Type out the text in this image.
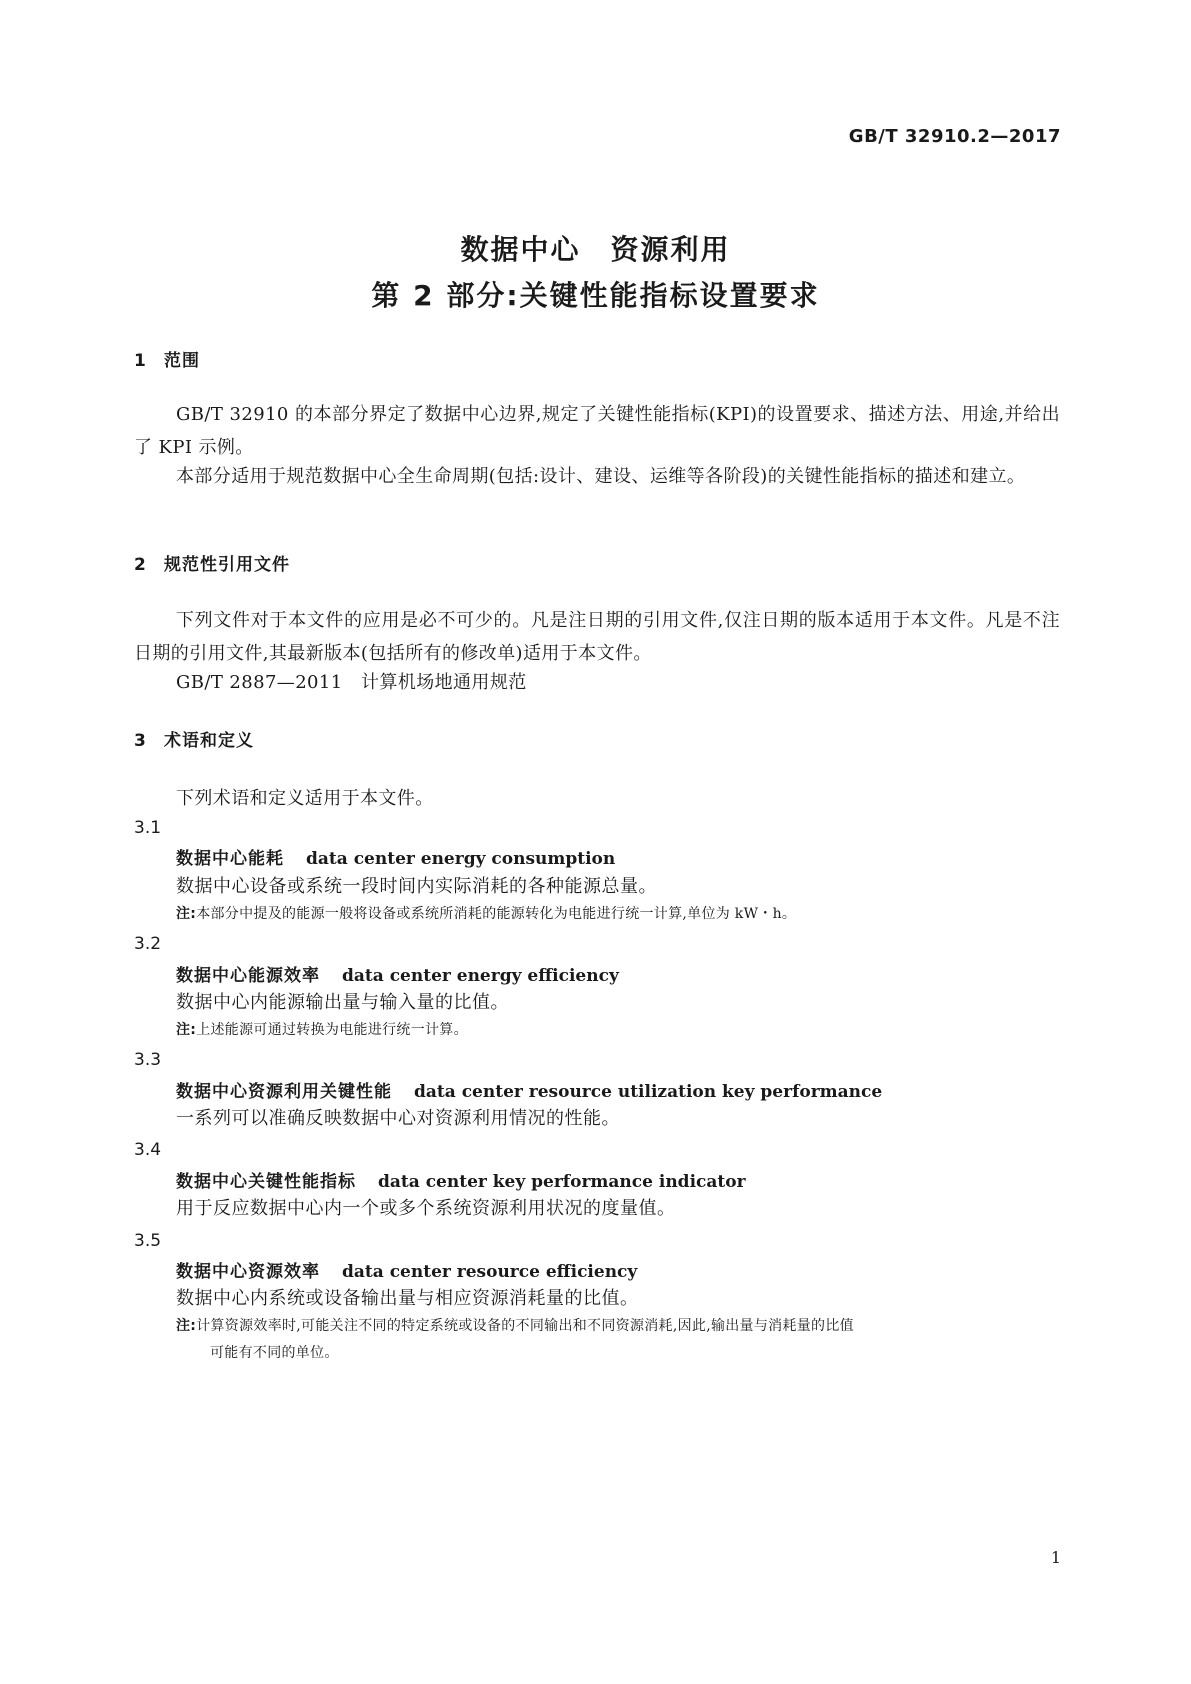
GB/T 32910.2—2017
数据中心　资源利用
第 2 部分:关键性能指标设置要求
1 范围
GB/T 32910 的本部分界定了数据中心边界,规定了关键性能指标(KPI)的设置要求、描述方法、用途,并给出了 KPI 示例。
本部分适用于规范数据中心全生命周期(包括:设计、建设、运维等各阶段)的关键性能指标的描述和建立。
2 规范性引用文件
下列文件对于本文件的应用是必不可少的。凡是注日期的引用文件,仅注日期的版本适用于本文件。凡是不注日期的引用文件,其最新版本(包括所有的修改单)适用于本文件。
GB/T 2887—2011　计算机场地通用规范
3 术语和定义
下列术语和定义适用于本文件。
3.1
数据中心能耗 data center energy consumption
数据中心设备或系统一段时间内实际消耗的各种能源总量。
注:本部分中提及的能源一般将设备或系统所消耗的能源转化为电能进行统一计算,单位为 kW・h。
3.2
数据中心能源效率 data center energy efficiency
数据中心内能源输出量与输入量的比值。
注:上述能源可通过转换为电能进行统一计算。
3.3
数据中心资源利用关键性能 data center resource utilization key performance
一系列可以准确反映数据中心对资源利用情况的性能。
3.4
数据中心关键性能指标 data center key performance indicator
用于反应数据中心内一个或多个系统资源利用状况的度量值。
3.5
数据中心资源效率 data center resource efficiency
数据中心内系统或设备输出量与相应资源消耗量的比值。
注:计算资源效率时,可能关注不同的特定系统或设备的不同输出和不同资源消耗,因此,输出量与消耗量的比值
可能有不同的单位。
1
